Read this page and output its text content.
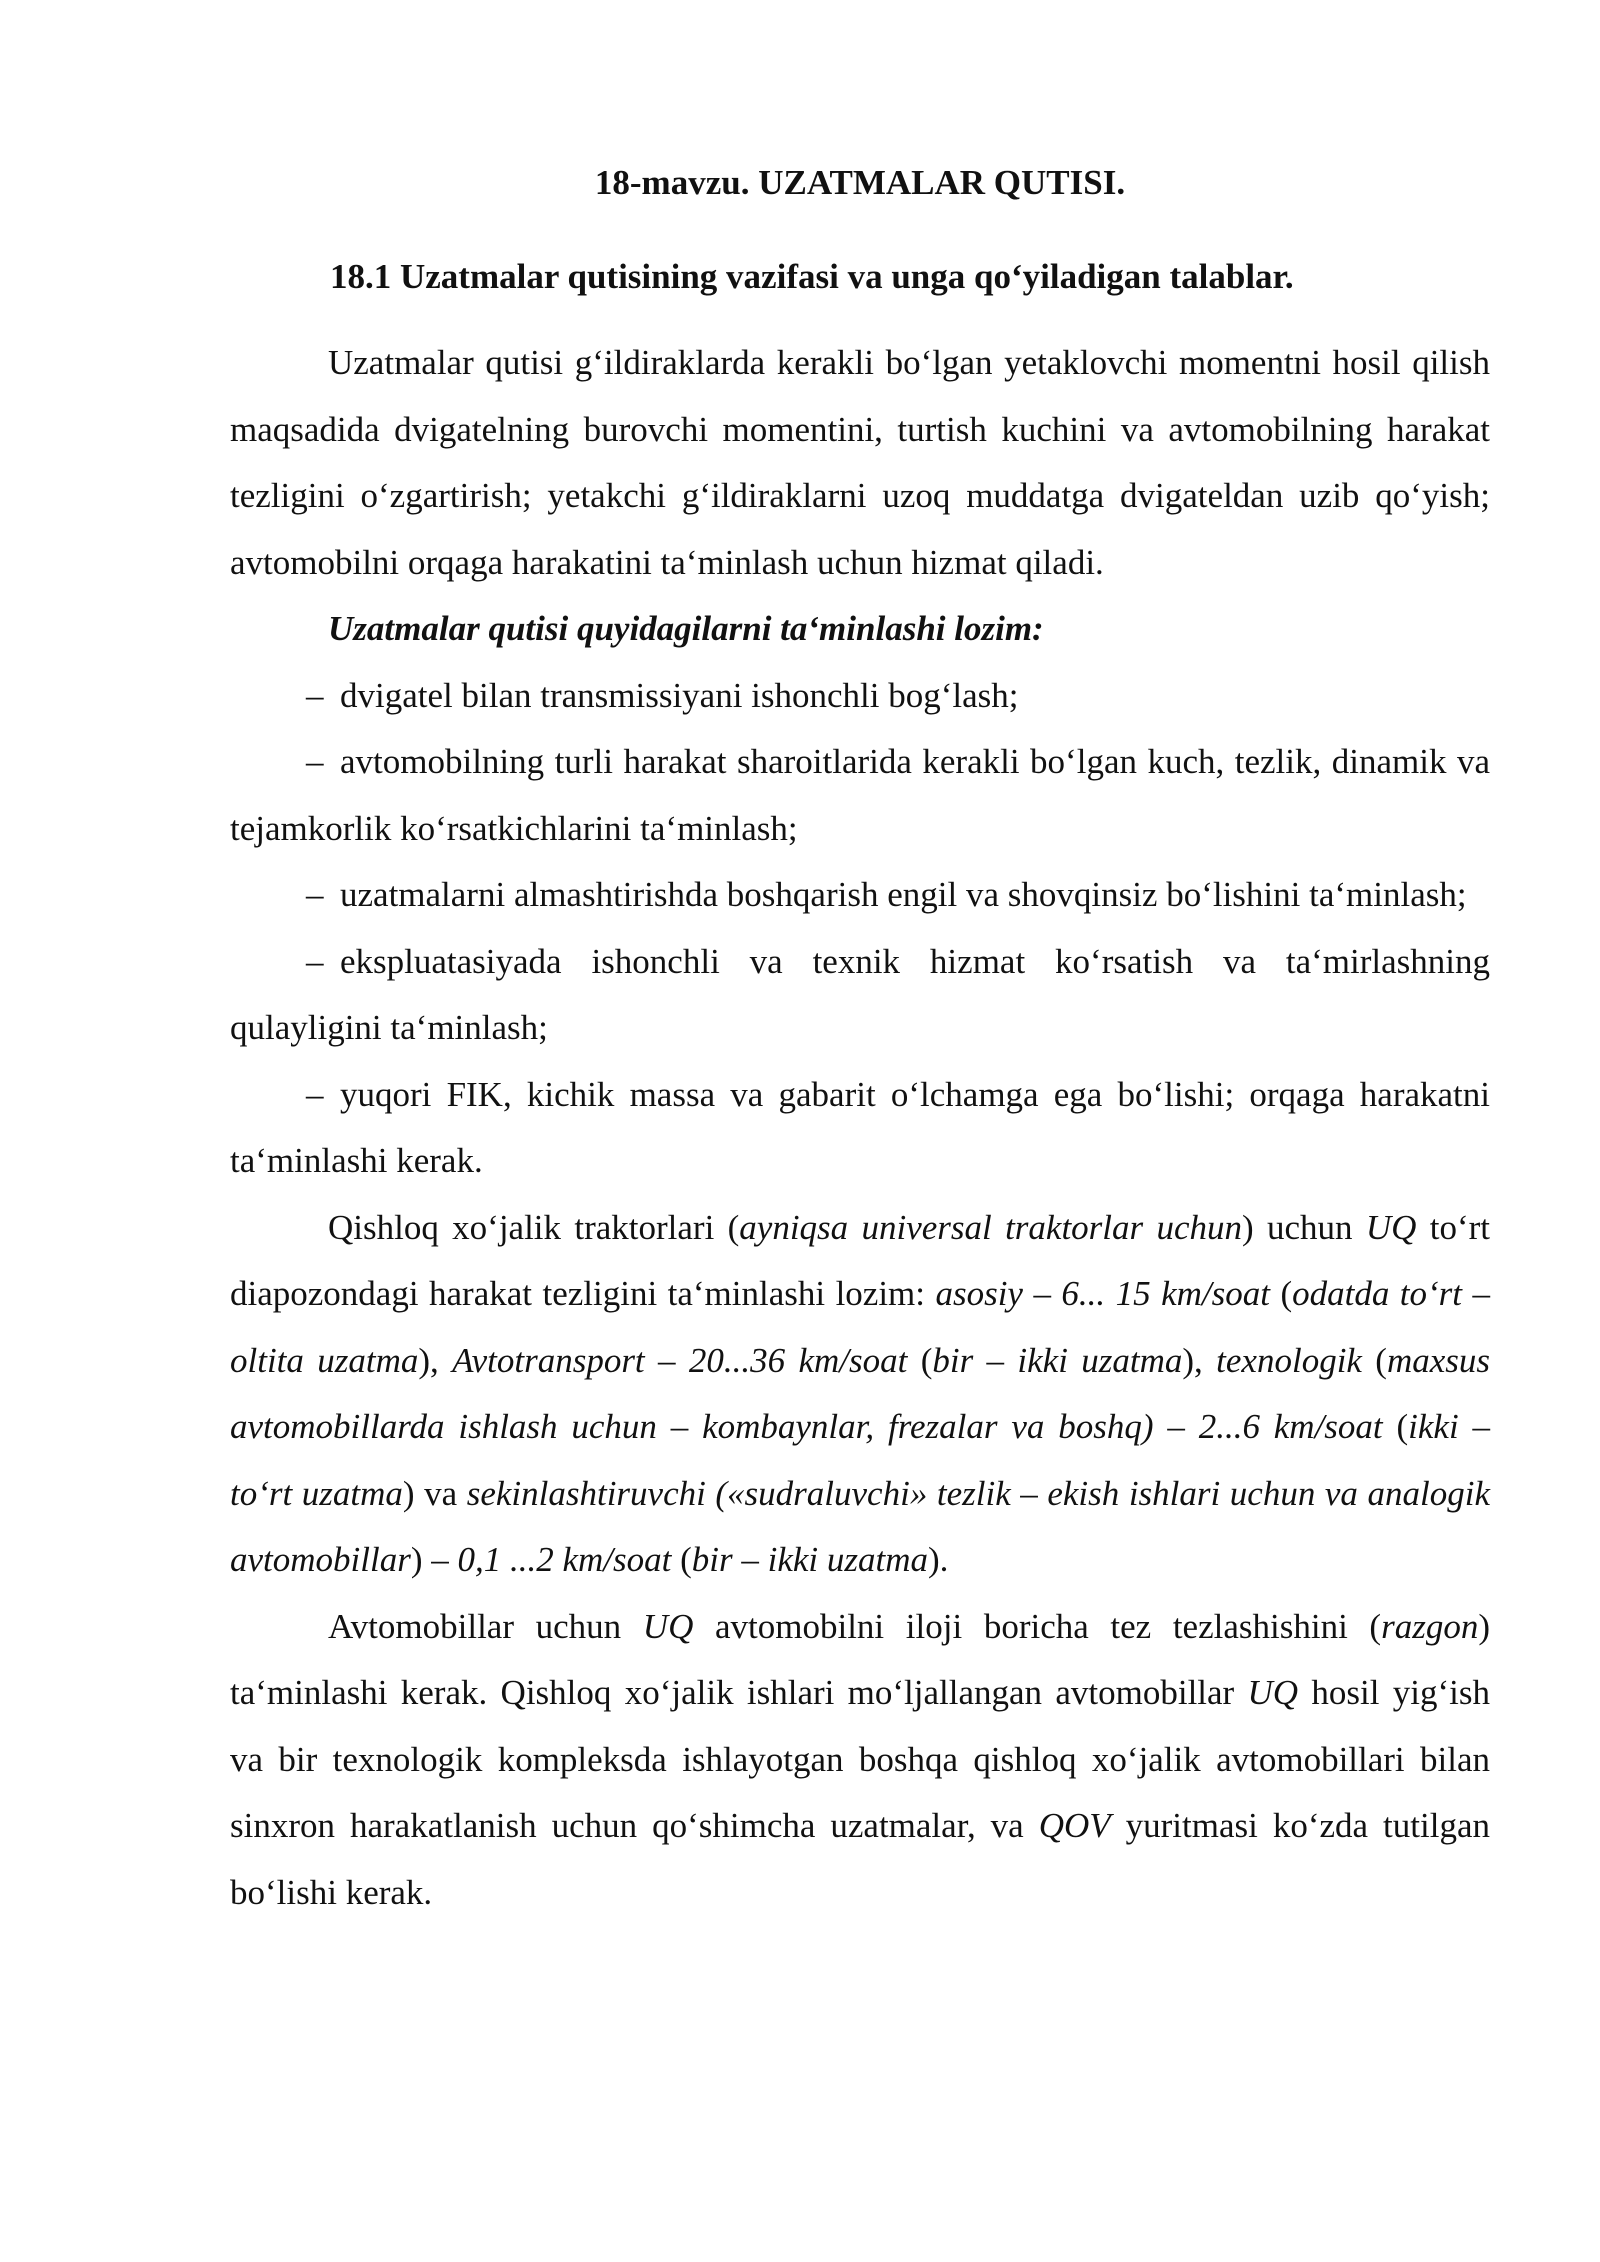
18-mavzu. UZATMALAR QUTISI.
18.1 Uzatmalar qutisining vazifasi va unga qo‘yiladigan talablar.

Uzatmalar qutisi g‘ildiraklarda kerakli bo‘lgan yetaklovchi momentni hosil qilish maqsadida dvigatelning burovchi momentini, turtish kuchini va avtomobilning harakat tezligini o‘zgartirish; yetakchi g‘ildiraklarni uzoq muddatga dvigateldan uzib qo‘yish; avtomobilni orqaga harakatini ta‘minlash uchun hizmat qiladi.

Uzatmalar qutisi quyidagilarni ta‘minlashi lozim:

– dvigatel bilan transmissiyani ishonchli bog‘lash;

– avtomobilning turli harakat sharoitlarida kerakli bo‘lgan kuch, tezlik, dinamik va tejamkorlik ko‘rsatkichlarini ta‘minlash;

– uzatmalarni almashtirishda boshqarish engil va shovqinsiz bo‘lishini ta‘minlash;

– ekspluatasiyada ishonchli va texnik hizmat ko‘rsatish va ta‘mirlashning qulayligini ta‘minlash;

– yuqori FIK, kichik massa va gabarit o‘lchamga ega bo‘lishi; orqaga harakatni ta‘minlashi kerak.

Qishloq xo‘jalik traktorlari (ayniqsa universal traktorlar uchun) uchun UQ to‘rt diapozondagi harakat tezligini ta‘minlashi lozim: asosiy – 6... 15 km/soat (odatda to‘rt – oltita uzatma), Avtotransport – 20...36 km/soat (bir – ikki uzatma), texnologik (maxsus avtomobillarda ishlash uchun – kombaynlar, frezalar va boshq) – 2...6 km/soat (ikki – to‘rt uzatma) va sekinlashtiruvchi («sudraluvchi» tezlik – ekish ishlari uchun va analogik avtomobillar) – 0,1 ...2 km/soat (bir – ikki uzatma).

Avtomobillar uchun UQ avtomobilni iloji boricha tez tezlashishini (razgon) ta‘minlashi kerak. Qishloq xo‘jalik ishlari mo‘ljallangan avtomobillar UQ hosil yig‘ish va bir texnologik kompleksda ishlayotgan boshqa qishloq xo‘jalik avtomobillari bilan sinxron harakatlanish uchun qo‘shimcha uzatmalar, va QOV yuritmasi ko‘zda tutilgan bo‘lishi kerak.
